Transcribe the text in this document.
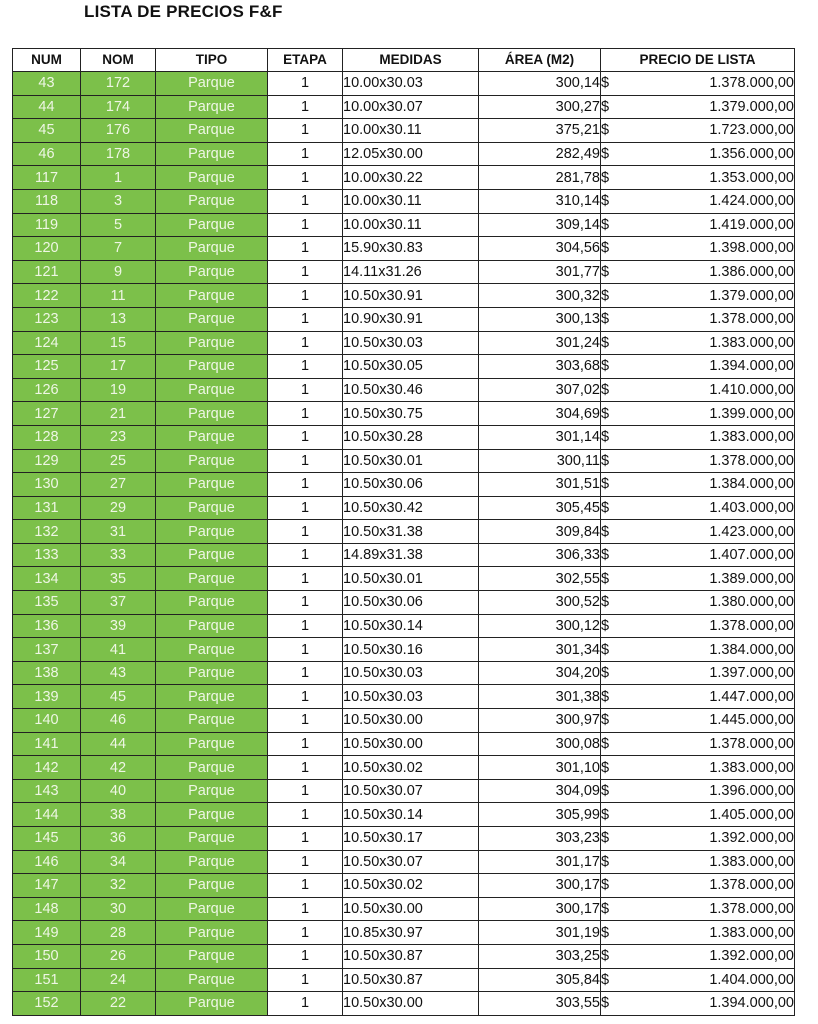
LISTA DE PRECIOS F&F
NUM	NOM	TIPO	ETAPA	MEDIDAS	ÁREA (M2)	PRECIO DE LISTA
43	172	Parque	1	10.00x30.03	300,14	$ 1.378.000,00

44	174	Parque	1	10.00x30.07	300,27	$ 1.379.000,00

45	176	Parque	1	10.00x30.11	375,21	$ 1.723.000,00

46	178	Parque	1	12.05x30.00	282,49	$ 1.356.000,00

117	1	Parque	1	10.00x30.22	281,78	$ 1.353.000,00

118	3	Parque	1	10.00x30.11	310,14	$ 1.424.000,00

119	5	Parque	1	10.00x30.11	309,14	$ 1.419.000,00

120	7	Parque	1	15.90x30.83	304,56	$ 1.398.000,00

121	9	Parque	1	14.11x31.26	301,77	$ 1.386.000,00

122	11	Parque	1	10.50x30.91	300,32	$ 1.379.000,00

123	13	Parque	1	10.90x30.91	300,13	$ 1.378.000,00

124	15	Parque	1	10.50x30.03	301,24	$ 1.383.000,00

125	17	Parque	1	10.50x30.05	303,68	$ 1.394.000,00

126	19	Parque	1	10.50x30.46	307,02	$ 1.410.000,00

127	21	Parque	1	10.50x30.75	304,69	$ 1.399.000,00

128	23	Parque	1	10.50x30.28	301,14	$ 1.383.000,00

129	25	Parque	1	10.50x30.01	300,11	$ 1.378.000,00

130	27	Parque	1	10.50x30.06	301,51	$ 1.384.000,00

131	29	Parque	1	10.50x30.42	305,45	$ 1.403.000,00

132	31	Parque	1	10.50x31.38	309,84	$ 1.423.000,00

133	33	Parque	1	14.89x31.38	306,33	$ 1.407.000,00

134	35	Parque	1	10.50x30.01	302,55	$ 1.389.000,00

135	37	Parque	1	10.50x30.06	300,52	$ 1.380.000,00

136	39	Parque	1	10.50x30.14	300,12	$ 1.378.000,00

137	41	Parque	1	10.50x30.16	301,34	$ 1.384.000,00

138	43	Parque	1	10.50x30.03	304,20	$ 1.397.000,00

139	45	Parque	1	10.50x30.03	301,38	$ 1.447.000,00

140	46	Parque	1	10.50x30.00	300,97	$ 1.445.000,00

141	44	Parque	1	10.50x30.00	300,08	$ 1.378.000,00

142	42	Parque	1	10.50x30.02	301,10	$ 1.383.000,00

143	40	Parque	1	10.50x30.07	304,09	$ 1.396.000,00

144	38	Parque	1	10.50x30.14	305,99	$ 1.405.000,00

145	36	Parque	1	10.50x30.17	303,23	$ 1.392.000,00

146	34	Parque	1	10.50x30.07	301,17	$ 1.383.000,00

147	32	Parque	1	10.50x30.02	300,17	$ 1.378.000,00

148	30	Parque	1	10.50x30.00	300,17	$ 1.378.000,00

149	28	Parque	1	10.85x30.97	301,19	$ 1.383.000,00

150	26	Parque	1	10.50x30.87	303,25	$ 1.392.000,00

151	24	Parque	1	10.50x30.87	305,84	$ 1.404.000,00

152	22	Parque	1	10.50x30.00	303,55	$ 1.394.000,00
